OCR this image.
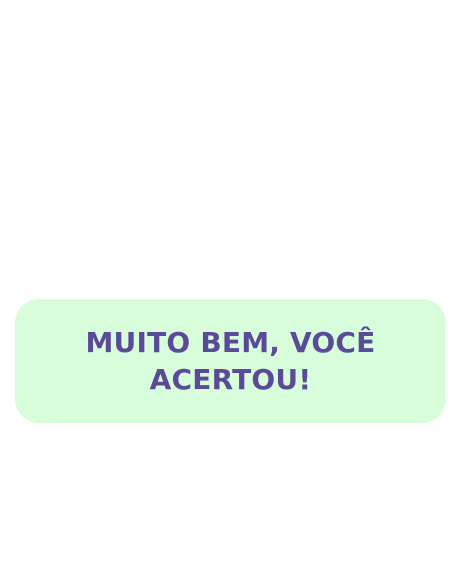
MUITO BEM, VOCÊ ACERTOU!
